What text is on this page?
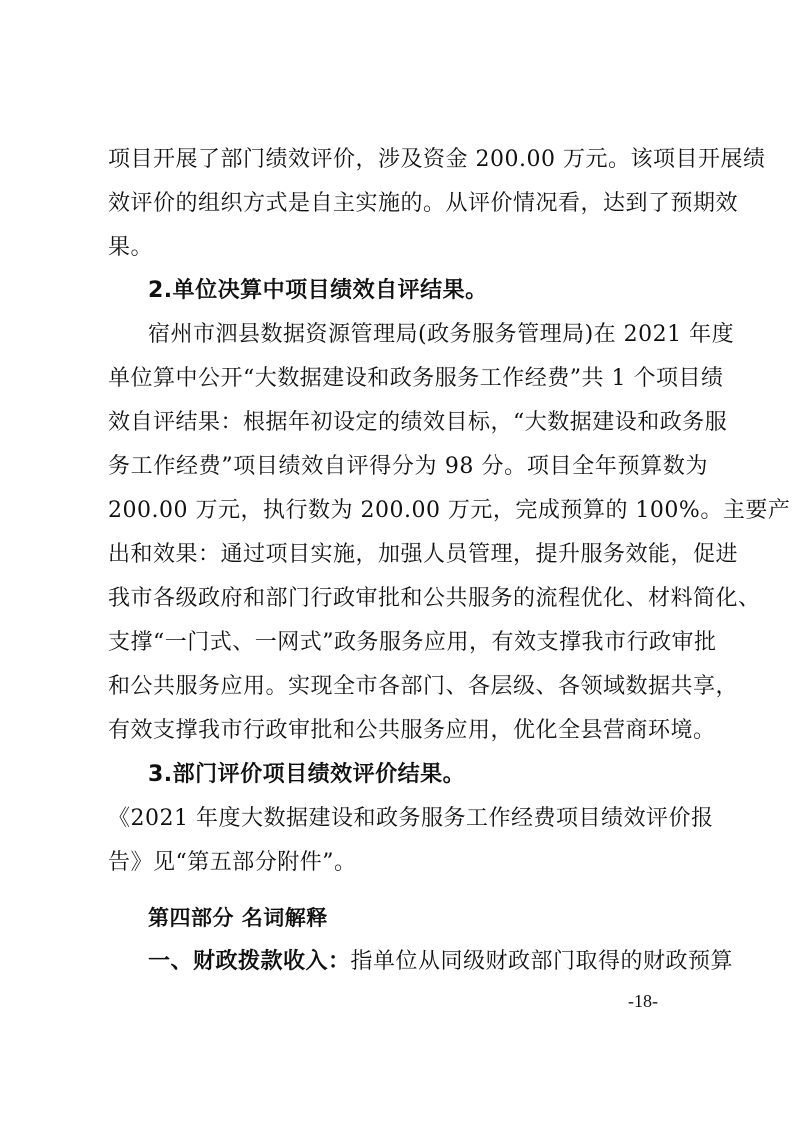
项目开展了部门绩效评价，涉及资金 200.00 万元。该项目开展绩
效评价的组织方式是自主实施的。从评价情况看，达到了预期效
果。
2.单位决算中项目绩效自评结果。
宿州市泗县数据资源管理局(政务服务管理局)在 2021 年度
单位算中公开“大数据建设和政务服务工作经费”共 1 个项目绩
效自评结果：根据年初设定的绩效目标，“大数据建设和政务服
务工作经费”项目绩效自评得分为 98 分。项目全年预算数为
200.00 万元，执行数为 200.00 万元，完成预算的 100%。主要产
出和效果：通过项目实施，加强人员管理，提升服务效能，促进
我市各级政府和部门行政审批和公共服务的流程优化、材料简化、
支撑“一门式、一网式”政务服务应用，有效支撑我市行政审批
和公共服务应用。实现全市各部门、各层级、各领域数据共享，
有效支撑我市行政审批和公共服务应用，优化全县营商环境。
3.部门评价项目绩效评价结果。
《2021 年度大数据建设和政务服务工作经费项目绩效评价报
告》见“第五部分附件”。
第四部分 名词解释
一、财政拨款收入：指单位从同级财政部门取得的财政预算
-18-
